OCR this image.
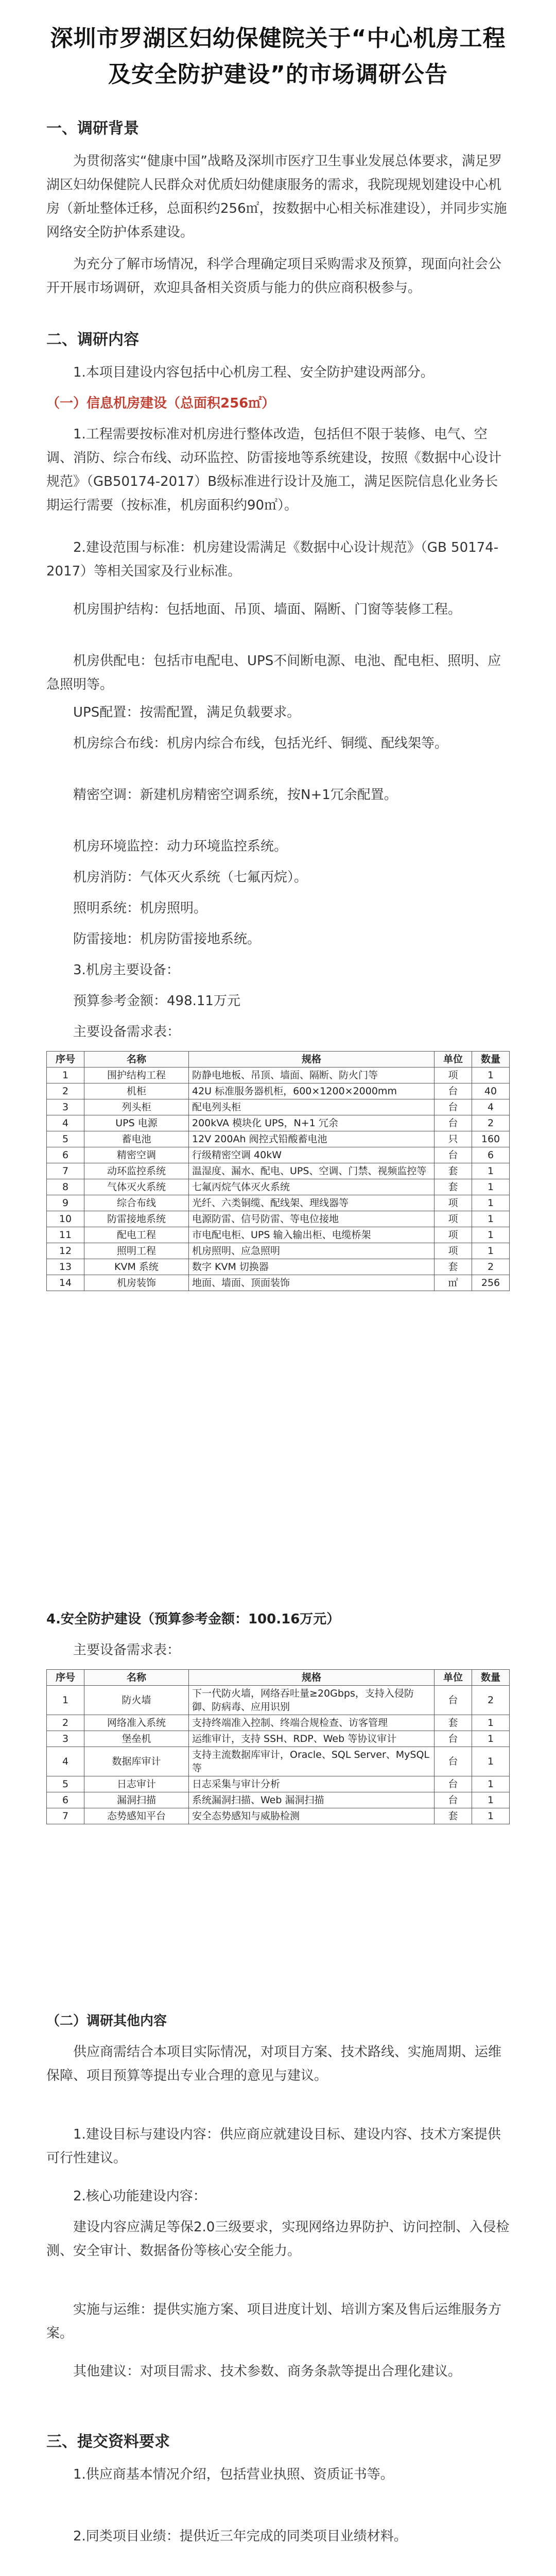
深圳市罗湖区妇幼保健院关于“中心机房工程
及安全防护建设”的市场调研公告
一、调研背景
为贯彻落实“健康中国”战略及深圳市医疗卫生事业发展总体要求，满足罗湖区妇幼保健院人民群众对优质妇幼健康服务的需求，我院现规划建设中心机房（新址整体迁移，总面积约256㎡，按数据中心相关标准建设），并同步实施网络安全防护体系建设。
为充分了解市场情况，科学合理确定项目采购需求及预算，现面向社会公开开展市场调研，欢迎具备相关资质与能力的供应商积极参与。
二、调研内容
1.本项目建设内容包括中心机房工程、安全防护建设两部分。
（一）信息机房建设（总面积256㎡）
1.工程需要按标准对机房进行整体改造，包括但不限于装修、电气、空调、消防、综合布线、动环监控、防雷接地等系统建设，按照《数据中心设计规范》（GB50174-2017）B级标准进行设计及施工，满足医院信息化业务长期运行需要（按标准，机房面积约90㎡）。
2.建设范围与标准：机房建设需满足《数据中心设计规范》（GB 50174-2017）等相关国家及行业标准。
机房围护结构：包括地面、吊顶、墙面、隔断、门窗等装修工程。
机房供配电：包括市电配电、UPS不间断电源、电池、配电柜、照明、应急照明等。
UPS配置：按需配置，满足负载要求。
机房综合布线：机房内综合布线，包括光纤、铜缆、配线架等。
精密空调：新建机房精密空调系统，按N+1冗余配置。
机房环境监控：动力环境监控系统。
机房消防：气体灭火系统（七氟丙烷）。
照明系统：机房照明。
防雷接地：机房防雷接地系统。
3.机房主要设备：
预算参考金额：498.11万元
主要设备需求表：
序号	名称	规格	单位	数量
1	围护结构工程	防静电地板、吊顶、墙面、隔断、防火门等	项	1
2	机柜	42U 标准服务器机柜，600×1200×2000mm	台	40
3	列头柜	配电列头柜	台	4
4	UPS 电源	200kVA 模块化 UPS，N+1 冗余	台	2
5	蓄电池	12V 200Ah 阀控式铅酸蓄电池	只	160
6	精密空调	行级精密空调 40kW	台	6
7	动环监控系统	温湿度、漏水、配电、UPS、空调、门禁、视频监控等	套	1
8	气体灭火系统	七氟丙烷气体灭火系统	套	1
9	综合布线	光纤、六类铜缆、配线架、理线器等	项	1
10	防雷接地系统	电源防雷、信号防雷、等电位接地	项	1
11	配电工程	市电配电柜、UPS 输入输出柜、电缆桥架	项	1
12	照明工程	机房照明、应急照明	项	1
13	KVM 系统	数字 KVM 切换器	套	2
14	机房装饰	地面、墙面、顶面装饰	㎡	256
4.安全防护建设（预算参考金额：100.16万元）
主要设备需求表：
序号	名称	规格	单位	数量
1	防火墙	下一代防火墙，网络吞吐量≥20Gbps，支持入侵防御、防病毒、应用识别	台	2
2	网络准入系统	支持终端准入控制、终端合规检查、访客管理	套	1
3	堡垒机	运维审计，支持 SSH、RDP、Web 等协议审计	台	1
4	数据库审计	支持主流数据库审计，Oracle、SQL Server、MySQL 等	台	1
5	日志审计	日志采集与审计分析	台	1
6	漏洞扫描	系统漏洞扫描、Web 漏洞扫描	台	1
7	态势感知平台	安全态势感知与威胁检测	套	1
（二）调研其他内容
供应商需结合本项目实际情况，对项目方案、技术路线、实施周期、运维保障、项目预算等提出专业合理的意见与建议。
1.建设目标与建设内容：供应商应就建设目标、建设内容、技术方案提供可行性建议。
2.核心功能建设内容：
建设内容应满足等保2.0三级要求，实现网络边界防护、访问控制、入侵检测、安全审计、数据备份等核心安全能力。
实施与运维：提供实施方案、项目进度计划、培训方案及售后运维服务方案。
其他建议：对项目需求、技术参数、商务条款等提出合理化建议。
三、提交资料要求
1.供应商基本情况介绍，包括营业执照、资质证书等。
2.同类项目业绩：提供近三年完成的同类项目业绩材料。
